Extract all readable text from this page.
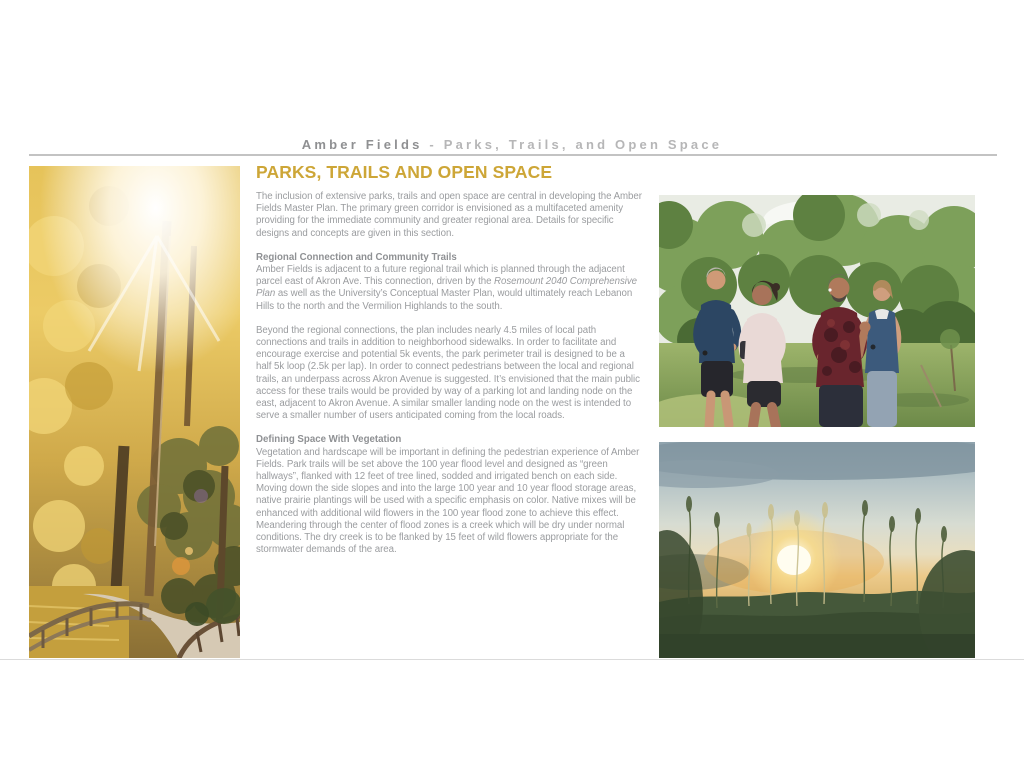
Amber Fields - Parks, Trails, and Open Space
PARKS, TRAILS AND OPEN SPACE

The inclusion of extensive parks, trails and open space are central in developing the Amber Fields Master Plan. The primary green corridor is envisioned as a multifaceted amenity providing for the immediate community and greater regional area. Details for specific designs and concepts are given in this section.

Regional Connection and Community Trails

Amber Fields is adjacent to a future regional trail which is planned through the adjacent parcel east of Akron Ave. This connection, driven by the Rosemount 2040 Comprehensive Plan as well as the University’s Conceptual Master Plan, would ultimately reach Lebanon Hills to the north and the Vermilion Highlands to the south.

Beyond the regional connections, the plan includes nearly 4.5 miles of local path connections and trails in addition to neighborhood sidewalks. In order to facilitate and encourage exercise and potential 5k events, the park perimeter trail is designed to be a half 5k loop (2.5k per lap). In order to connect pedestrians between the local and regional trails, an underpass across Akron Avenue is suggested. It’s envisioned that the main public access for these trails would be provided by way of a parking lot and landing node on the east, adjacent to Akron Avenue. A similar smaller landing node on the west is intended to serve a smaller number of users anticipated coming from the local roads.

Defining Space With Vegetation

Vegetation and hardscape will be important in defining the pedestrian experience of Amber Fields. Park trails will be set above the 100 year flood level and designed as “green hallways”, flanked with 12 feet of tree lined, sodded and irrigated bench on each side. Moving down the side slopes and into the large 100 year and 10 year flood storage areas, native prairie plantings will be used with a specific emphasis on color. Native mixes will be enhanced with additional wild flowers in the 100 year flood zone to achieve this effect. Meandering through the center of flood zones is a creek which will be dry under normal conditions. The dry creek is to be flanked by 15 feet of wild flowers appropriate for the stormwater demands of the area.
